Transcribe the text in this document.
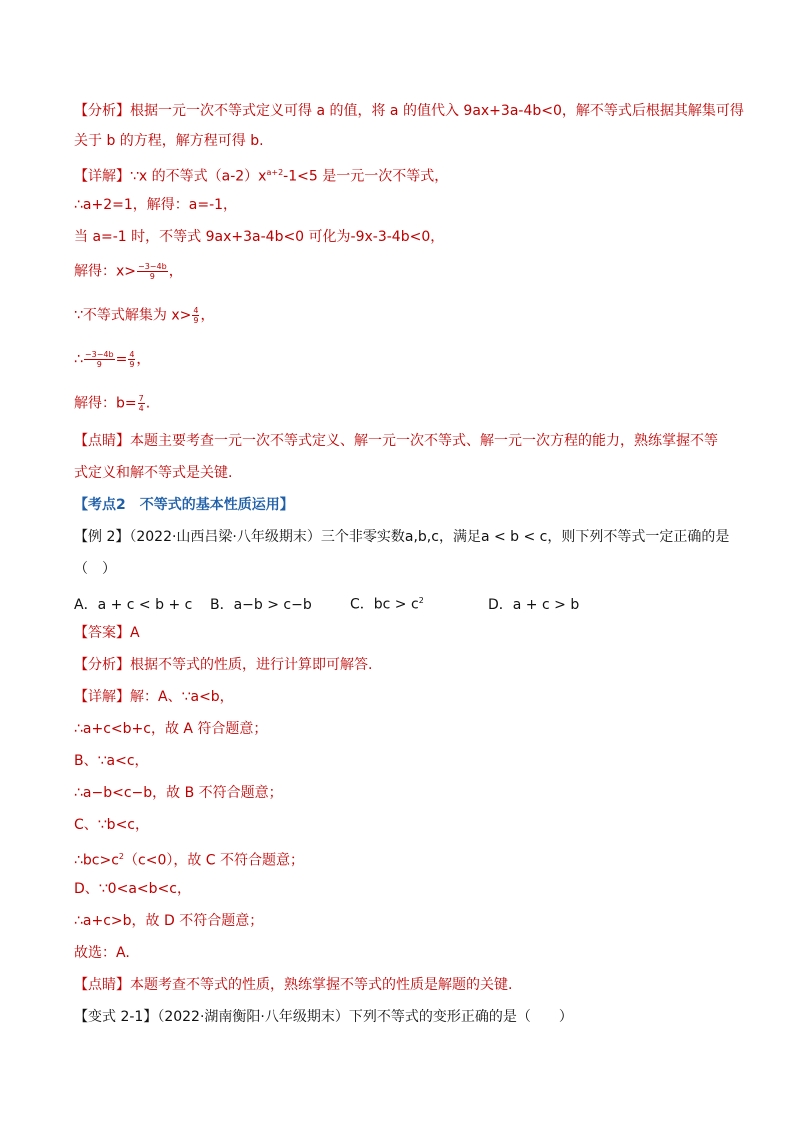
【分析】根据一元一次不等式定义可得 a 的值，将 a 的值代入 9ax+3a-4b<0，解不等式后根据其解集可得
关于 b 的方程，解方程可得 b.
【详解】∵x 的不等式$(a-2)x^{a+2}-1<5$ 是一元一次不等式，
∴a+2=1，解得：a=-1，
当 a=-1 时，不等式 9ax+3a-4b<0 可化为-9x-3-4b<0，
解得：$x> \frac{-3-4b}{9}$ ，
∵不等式解集为 $x> \frac{4}{9}$ ，
∴ $\frac{-3-4b}{9} = \frac{4}{9}$ ，
解得：$b= \frac{7}{4}$ .
【点睛】本题主要考查一元一次不等式定义、解一元一次不等式、解一元一次方程的能力，熟练掌握不等
式定义和解不等式是关键.
【考点2　不等式的基本性质运用】
【例 2】（2022·山西吕梁·八年级期末）三个非零实数a,b,c，满足a < b < c，则下列不等式一定正确的是
（　）
A．a + c < b + c B．a−b > c−b	C．bc > $c^2$	D．a + c > b
【答案】A
【分析】根据不等式的性质，进行计算即可解答.
【详解】解：A、∵a<b，
∴a+c<b+c，故 A 符合题意；
B、∵a<c，
∴a−b<c−b，故 B 不符合题意；
C、∵b<c，
$\therefore bc>c^2(c<0)$，故 C 不符合题意；
D、∵0<a<b<c，
∴a+c>b，故 D 不符合题意；
故选：A.
【点睛】本题考查不等式的性质，熟练掌握不等式的性质是解题的关键.
【变式 2-1】（2022·湖南衡阳·八年级期末）下列不等式的变形正确的是（　　）
